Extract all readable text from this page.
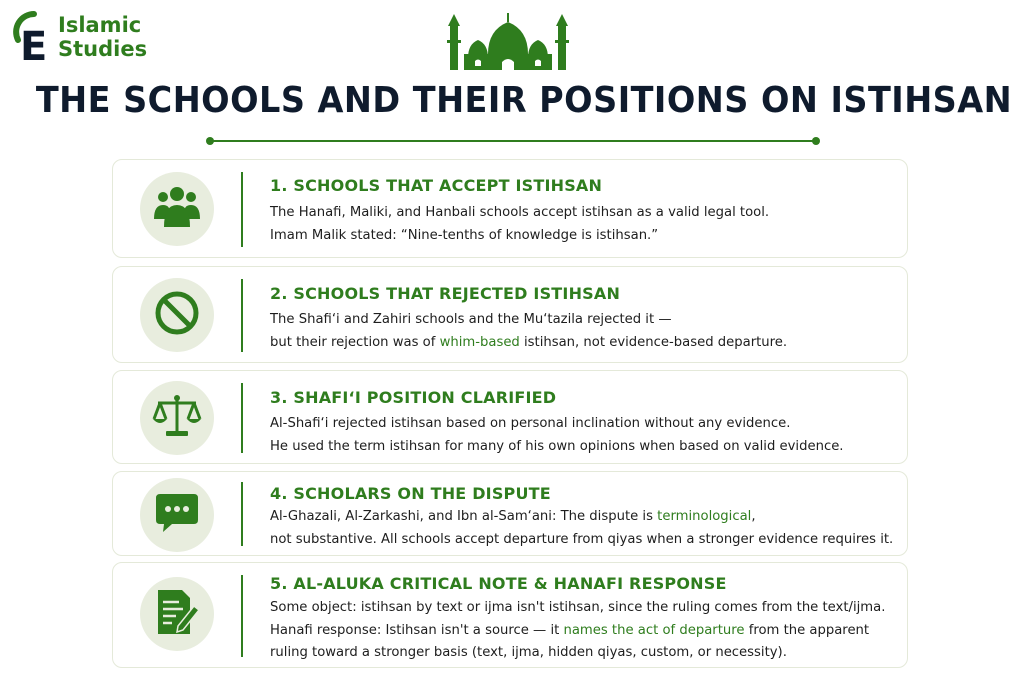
E Islamic
Studies
THE SCHOOLS AND THEIR POSITIONS ON ISTIHSAN
1. SCHOOLS THAT ACCEPT ISTIHSAN
The Hanafi, Maliki, and Hanbali schools accept istihsan as a valid legal tool.
Imam Malik stated: “Nine-tenths of knowledge is istihsan.”
2. SCHOOLS THAT REJECTED ISTIHSAN
The Shafi‘i and Zahiri schools and the Mu‘tazila rejected it —
but their rejection was of whim-based istihsan, not evidence-based departure.
3. SHAFI‘I POSITION CLARIFIED
Al-Shafi‘i rejected istihsan based on personal inclination without any evidence.
He used the term istihsan for many of his own opinions when based on valid evidence.
4. SCHOLARS ON THE DISPUTE
Al-Ghazali, Al-Zarkashi, and Ibn al-Sam‘ani: The dispute is terminological,
not substantive. All schools accept departure from qiyas when a stronger evidence requires it.
5. AL-ALUKA CRITICAL NOTE & HANAFI RESPONSE
Some object: istihsan by text or ijma isn't istihsan, since the ruling comes from the text/ijma.
Hanafi response: Istihsan isn't a source — it names the act of departure from the apparent
ruling toward a stronger basis (text, ijma, hidden qiyas, custom, or necessity).
